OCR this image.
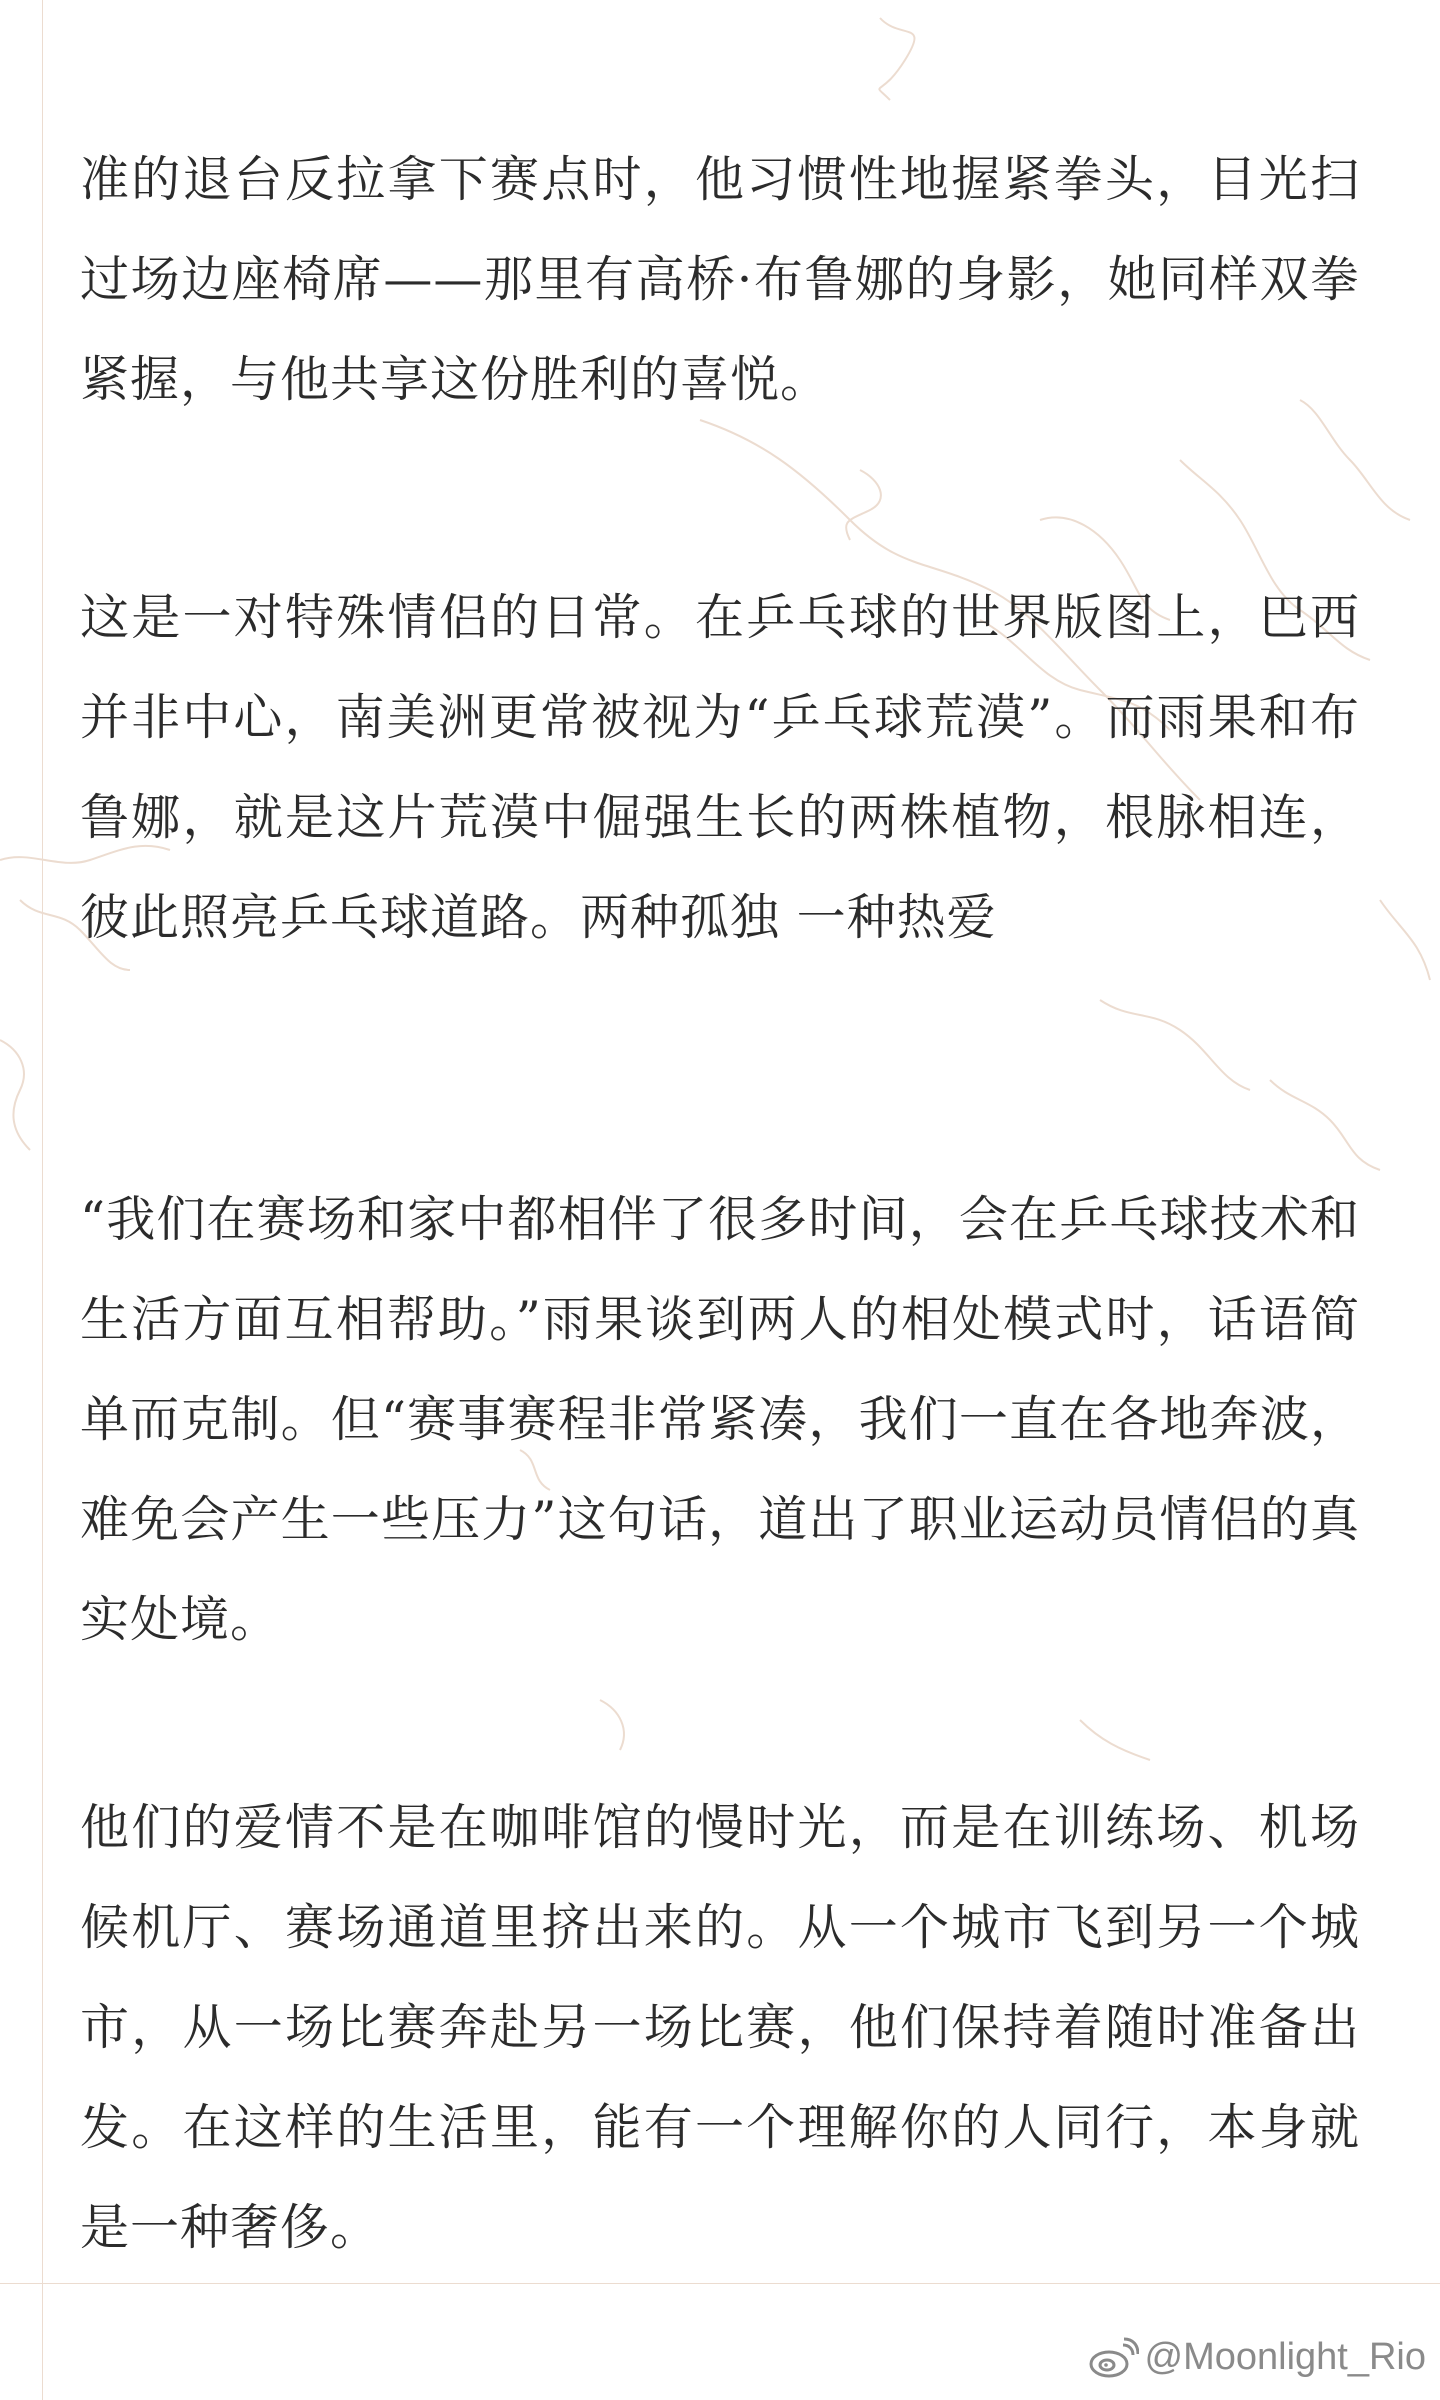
准的退台反拉拿下赛点时，他习惯性地握紧拳头，目光扫过场边座椅席——那里有高桥·布鲁娜的身影，她同样双拳紧握，与他共享这份胜利的喜悦。

这是一对特殊情侣的日常。在乒乓球的世界版图上，巴西并非中心，南美洲更常被视为“乒乓球荒漠”。而雨果和布鲁娜，就是这片荒漠中倔强生长的两株植物，根脉相连，彼此照亮乒乓球道路。两种孤独 一种热爱

“我们在赛场和家中都相伴了很多时间，会在乒乓球技术和生活方面互相帮助。”雨果谈到两人的相处模式时，话语简单而克制。但“赛事赛程非常紧凑，我们一直在各地奔波，难免会产生一些压力”这句话，道出了职业运动员情侣的真实处境。

他们的爱情不是在咖啡馆的慢时光，而是在训练场、机场候机厅、赛场通道里挤出来的。从一个城市飞到另一个城市，从一场比赛奔赴另一场比赛，他们保持着随时准备出发。在这样的生活里，能有一个理解你的人同行，本身就是一种奢侈。

@Moonlight_Rio
